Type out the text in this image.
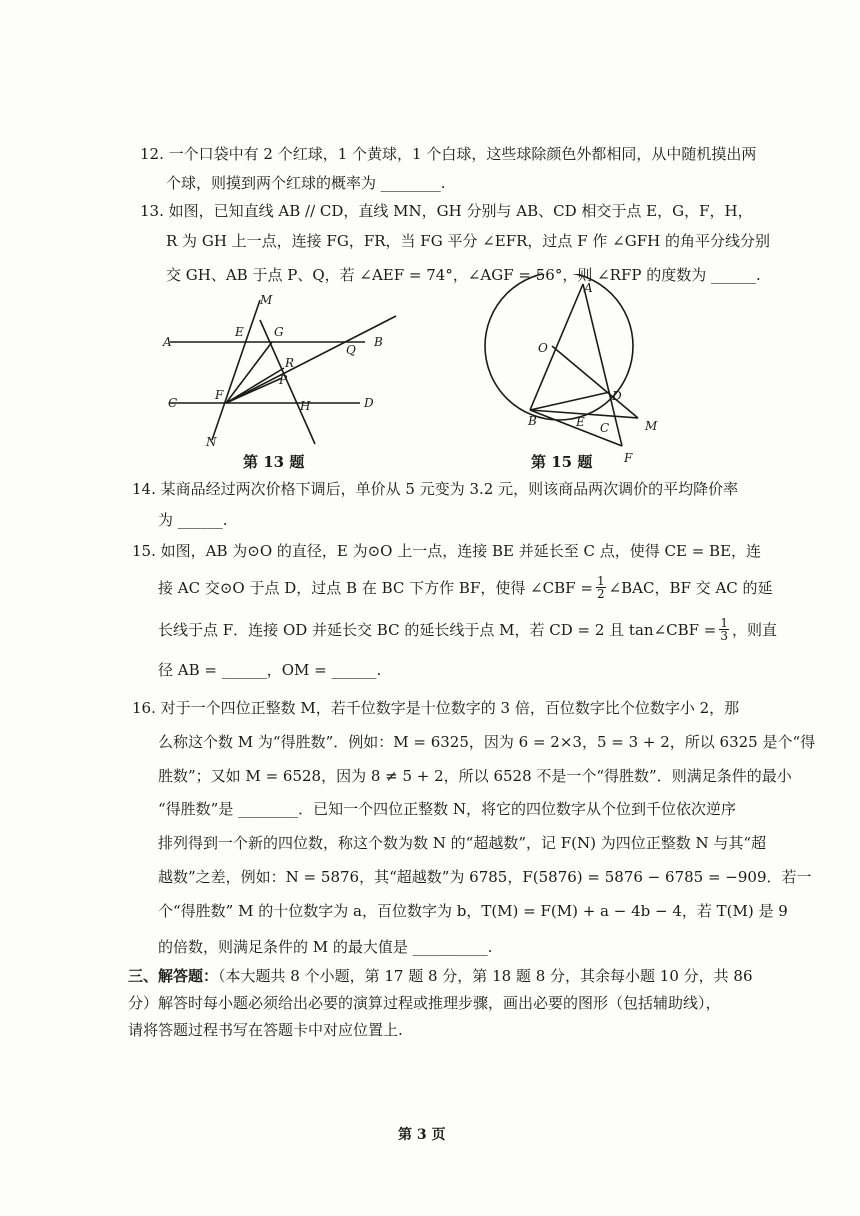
12. 一个口袋中有 2 个红球，1 个黄球，1 个白球，这些球除颜色外都相同，从中随机摸出两
个球，则摸到两个红球的概率为 ________.
13. 如图，已知直线 AB // CD，直线 MN，GH 分别与 AB、CD 相交于点 E，G，F，H，
R 为 GH 上一点，连接 FG，FR，当 FG 平分 ∠EFR，过点 F 作 ∠GFH 的角平分线分别
交 GH、AB 于点 P、Q，若 ∠AEF = 74°，∠AGF = 56°，则 ∠RFP 的度数为 ______.
M
E	G
A
Q
B
R
P
C
F
H	D
N
第 13 题
A
O
D
M
B	E C
F
第 15 题
14. 某商品经过两次价格下调后，单价从 5 元变为 3.2 元，则该商品两次调价的平均降价率
为 ______.
15. 如图，AB 为⊙O 的直径，E 为⊙O 上一点，连接 BE 并延长至 C 点，使得 CE = BE，连
接 AC 交⊙O 于点 D，过点 B 在 BC 下方作 BF，使得 ∠CBF = $\frac{1}{2}$ ∠BAC，BF 交 AC 的延
长线于点 F．连接 OD 并延长交 BC 的延长线于点 M，若 CD = 2 且 tan∠CBF = $\frac{1}{3}$ ，则直
径 AB = ______，OM = ______.
16. 对于一个四位正整数 M，若千位数字是十位数字的 3 倍，百位数字比个位数字小 2，那
么称这个数 M 为“得胜数”．例如：M = 6325，因为 6 = 2×3，5 = 3 + 2，所以 6325 是个“得
胜数”；又如 M = 6528，因为 8 ≠ 5 + 2，所以 6528 不是一个“得胜数”．则满足条件的最小
“得胜数”是 ________．已知一个四位正整数 N，将它的四位数字从个位到千位依次逆序
排列得到一个新的四位数，称这个数为数 N 的“超越数”，记 F(N) 为四位正整数 N 与其“超
越数”之差，例如：N = 5876，其“超越数”为 6785，F(5876) = 5876 − 6785 = −909．若一
个“得胜数” M 的十位数字为 a，百位数字为 b，T(M) = F(M) + a − 4b − 4，若 T(M) 是 9
的倍数，则满足条件的 M 的最大值是 __________.
三、解答题：（本大题共 8 个小题，第 17 题 8 分，第 18 题 8 分，其余每小题 10 分，共 86
分）解答时每小题必须给出必要的演算过程或推理步骤，画出必要的图形（包括辅助线），
请将答题过程书写在答题卡中对应位置上.
第 3 页
